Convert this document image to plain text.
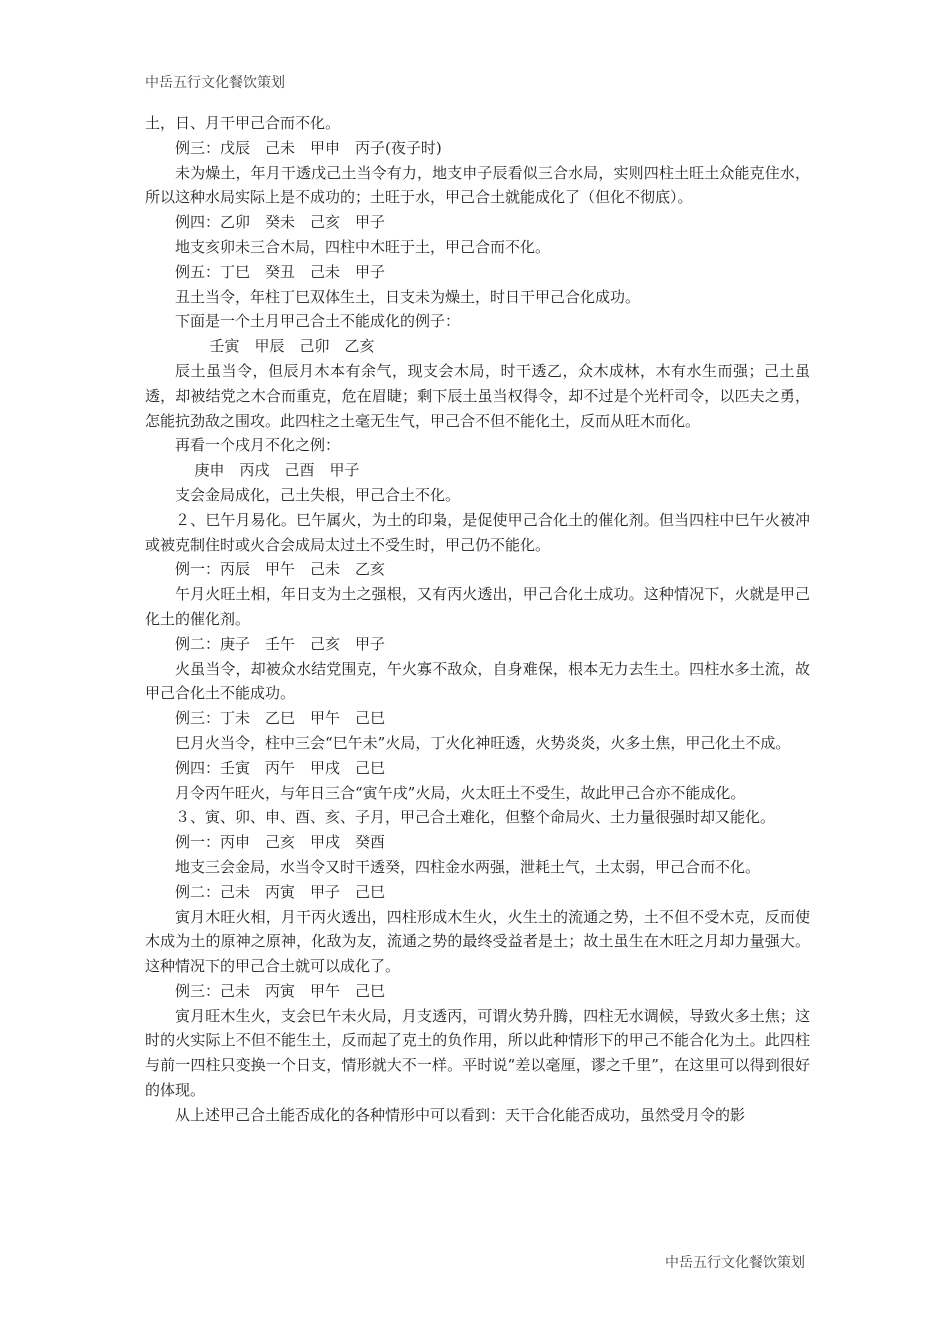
中岳五行文化餐饮策划

土，日、月干甲己合而不化。

例三：戊辰　己未　甲申　丙子(夜子时)

未为燥土，年月干透戊己土当令有力，地支申子辰看似三合水局，实则四柱土旺土众能克住水，所以这种水局实际上是不成功的；土旺于水，甲己合土就能成化了（但化不彻底）。

例四：乙卯　癸未　己亥　甲子

地支亥卯未三合木局，四柱中木旺于土，甲己合而不化。

例五：丁巳　癸丑　己未　甲子

丑土当令，年柱丁巳双体生土，日支未为燥土，时日干甲己合化成功。

下面是一个土月甲己合土不能成化的例子：

壬寅　甲辰　己卯　乙亥

辰土虽当令，但辰月木本有余气，现支会木局，时干透乙，众木成林，木有水生而强；己土虽透，却被结党之木合而重克，危在眉睫；剩下辰土虽当权得令，却不过是个光杆司令，以匹夫之勇，怎能抗劲敌之围攻。此四柱之土毫无生气，甲己合不但不能化土，反而从旺木而化。

再看一个戌月不化之例：

庚申　丙戌　己酉　甲子

支会金局成化，己土失根，甲己合土不化。

２、巳午月易化。巳午属火，为土的印枭，是促使甲己合化土的催化剂。但当四柱中巳午火被冲或被克制住时或火合会成局太过土不受生时，甲己仍不能化。

例一：丙辰　甲午　己未　乙亥

午月火旺土相，年日支为土之强根，又有丙火透出，甲己合化土成功。这种情况下，火就是甲己化土的催化剂。

例二：庚子　壬午　己亥　甲子

火虽当令，却被众水结党围克，午火寡不敌众，自身难保，根本无力去生土。四柱水多土流，故甲己合化土不能成功。

例三：丁未　乙巳　甲午　己巳

巳月火当令，柱中三会“巳午未”火局，丁火化神旺透，火势炎炎，火多土焦，甲己化土不成。

例四：壬寅　丙午　甲戌　己巳

月令丙午旺火，与年日三合“寅午戌”火局，火太旺土不受生，故此甲己合亦不能成化。

３、寅、卯、申、酉、亥、子月，甲己合土难化，但整个命局火、土力量很强时却又能化。

例一：丙申　己亥　甲戌　癸酉

地支三会金局，水当令又时干透癸，四柱金水两强，泄耗土气，土太弱，甲己合而不化。

例二：己未　丙寅　甲子　己巳

寅月木旺火相，月干丙火透出，四柱形成木生火，火生土的流通之势，土不但不受木克，反而使木成为土的原神之原神，化敌为友，流通之势的最终受益者是土；故土虽生在木旺之月却力量强大。这种情况下的甲己合土就可以成化了。

例三：己未　丙寅　甲午　己巳

寅月旺木生火，支会巳午未火局，月支透丙，可谓火势升腾，四柱无水调候，导致火多土焦；这时的火实际上不但不能生土，反而起了克土的负作用，所以此种情形下的甲己不能合化为土。此四柱与前一四柱只变换一个日支，情形就大不一样。平时说“差以毫厘，谬之千里”，在这里可以得到很好的体现。

从上述甲己合土能否成化的各种情形中可以看到：天干合化能否成功，虽然受月令的影

中岳五行文化餐饮策划
